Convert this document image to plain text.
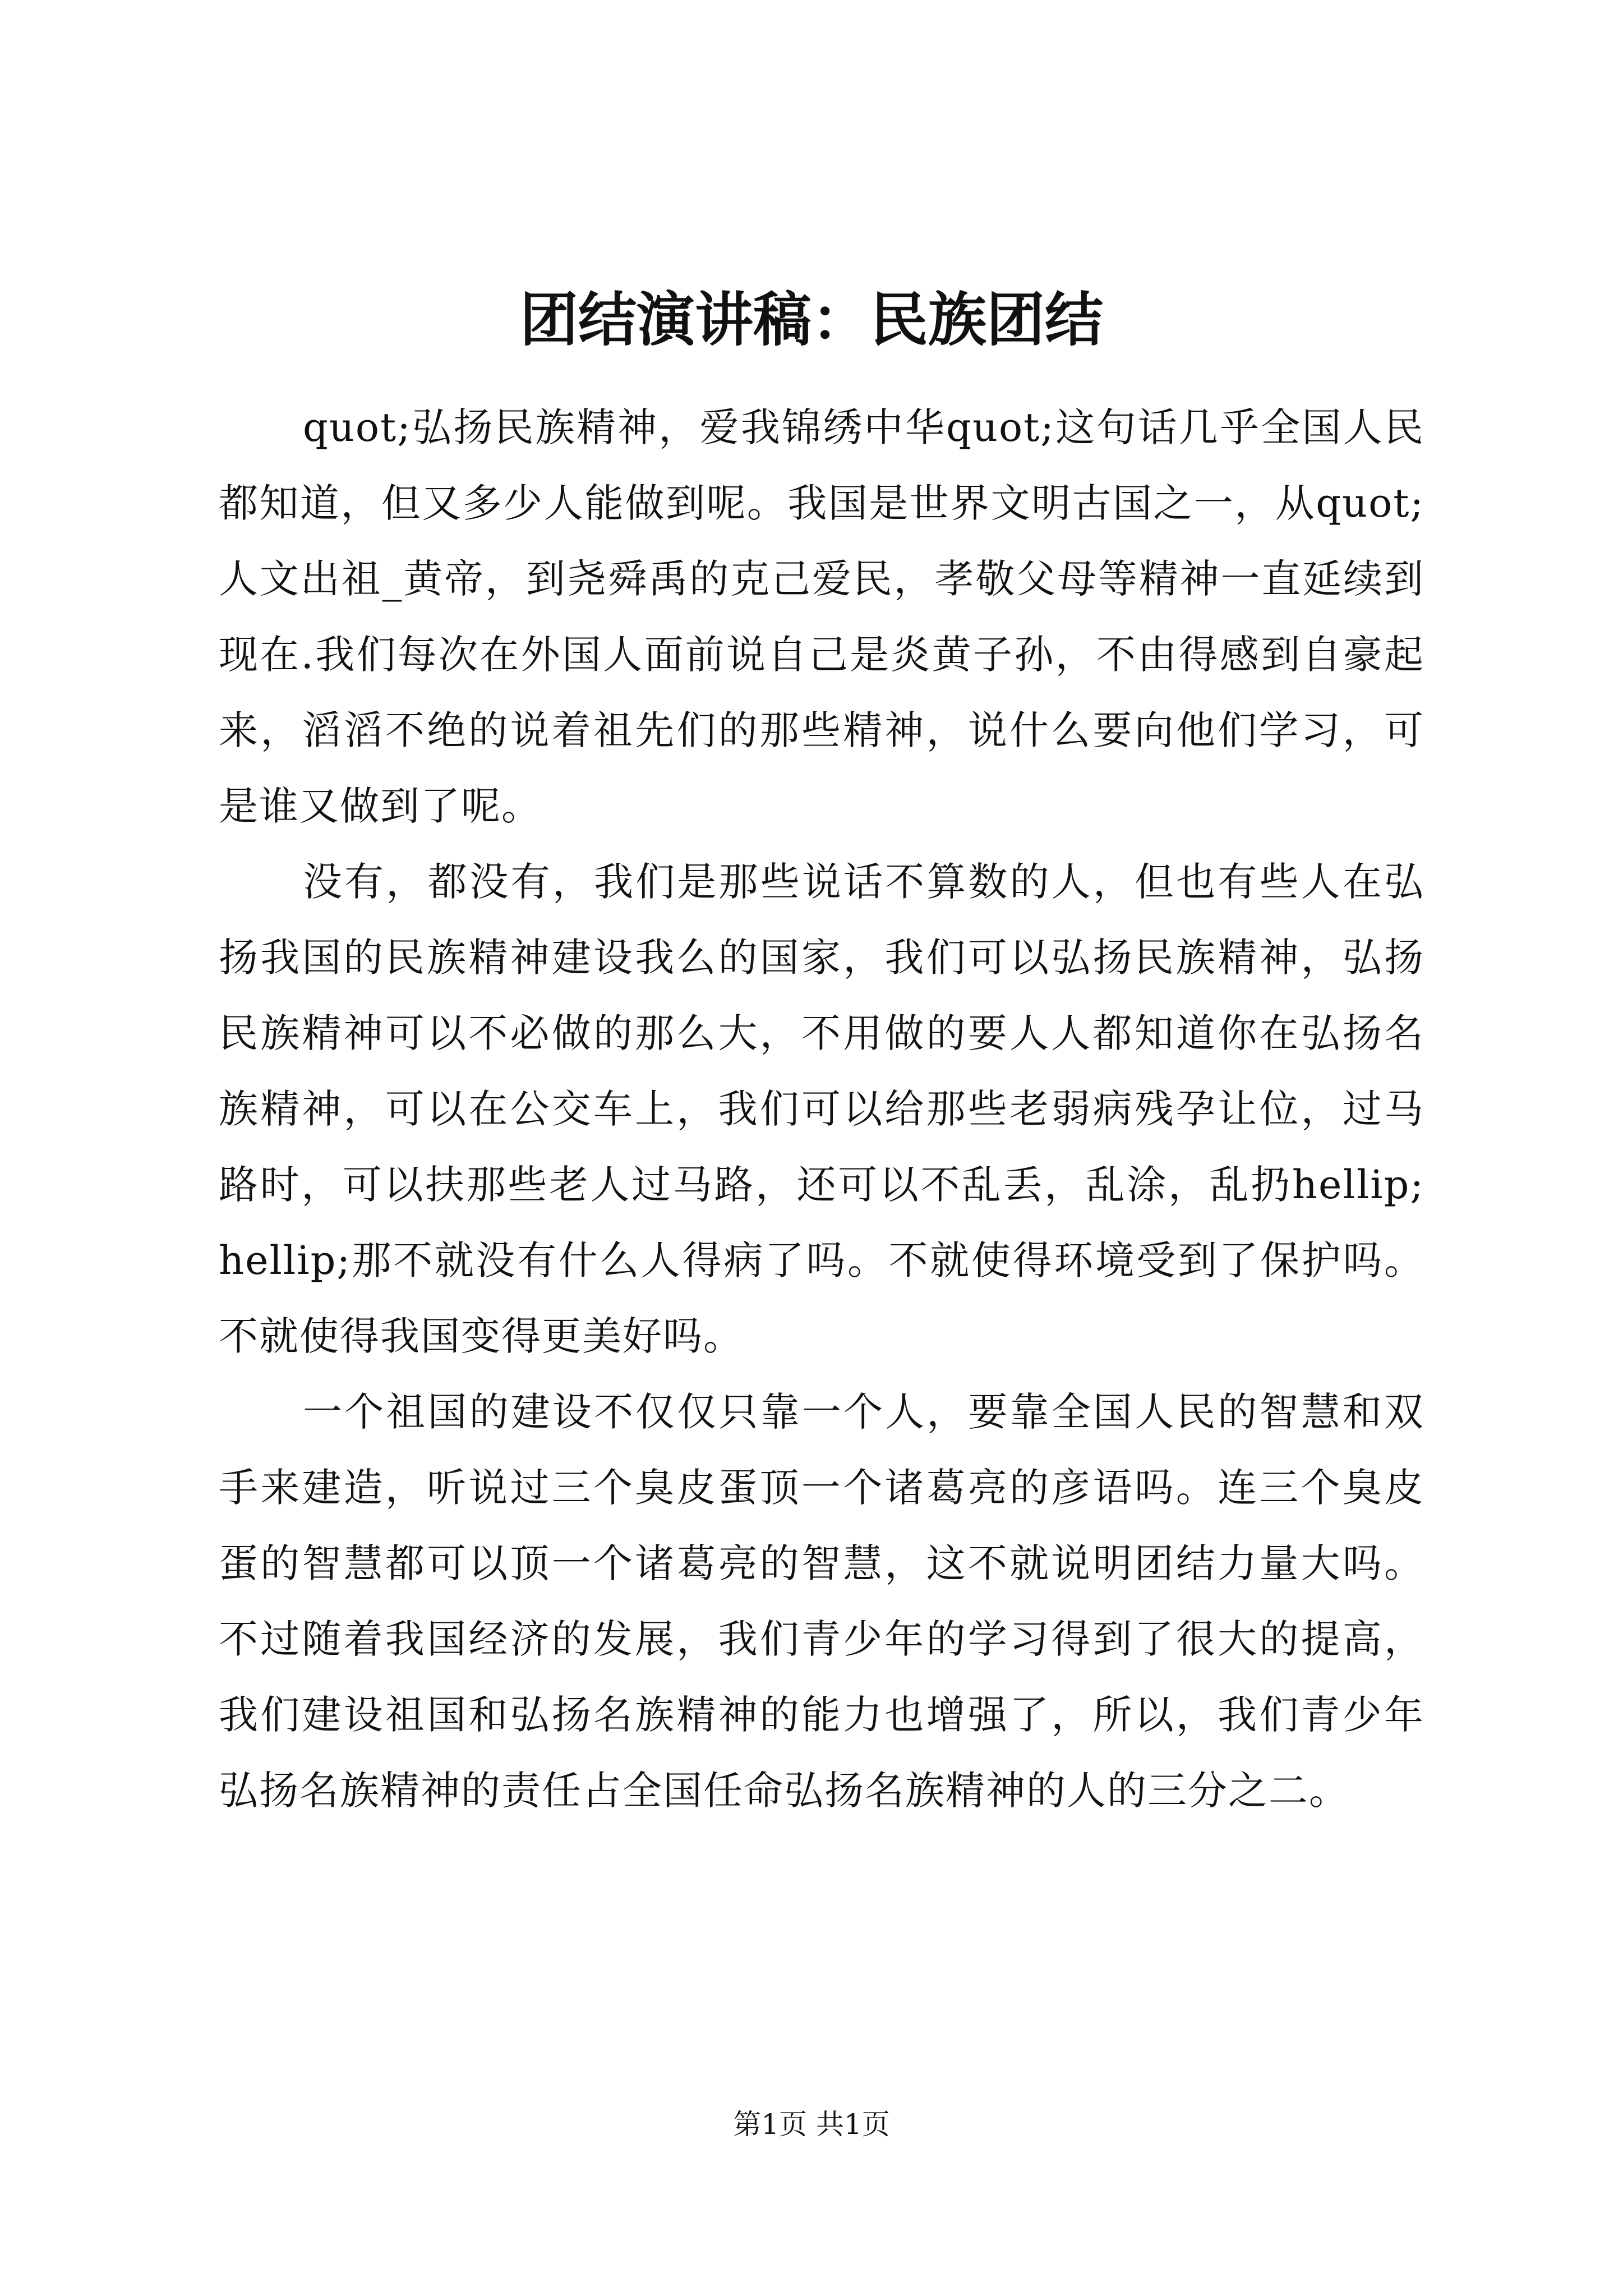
团结演讲稿：民族团结

quot;弘扬民族精神，爱我锦绣中华quot;这句话几乎全国人民都知道，但又多少人能做到呢。我国是世界文明古国之一，从quot;人文出祖_黄帝，到尧舜禹的克己爱民，孝敬父母等精神一直延续到现在.我们每次在外国人面前说自己是炎黄子孙，不由得感到自豪起来，滔滔不绝的说着祖先们的那些精神，说什么要向他们学习，可是谁又做到了呢。

没有，都没有，我们是那些说话不算数的人，但也有些人在弘扬我国的民族精神建设我么的国家，我们可以弘扬民族精神，弘扬民族精神可以不必做的那么大，不用做的要人人都知道你在弘扬名族精神，可以在公交车上，我们可以给那些老弱病残孕让位，过马路时，可以扶那些老人过马路，还可以不乱丢，乱涂，乱扔hellip;hellip;那不就没有什么人得病了吗。不就使得环境受到了保护吗。不就使得我国变得更美好吗。

一个祖国的建设不仅仅只靠一个人，要靠全国人民的智慧和双手来建造，听说过三个臭皮蛋顶一个诸葛亮的彦语吗。连三个臭皮蛋的智慧都可以顶一个诸葛亮的智慧，这不就说明团结力量大吗。不过随着我国经济的发展，我们青少年的学习得到了很大的提高，我们建设祖国和弘扬名族精神的能力也增强了，所以，我们青少年弘扬名族精神的责任占全国任命弘扬名族精神的人的三分之二。

第1页 共1页
